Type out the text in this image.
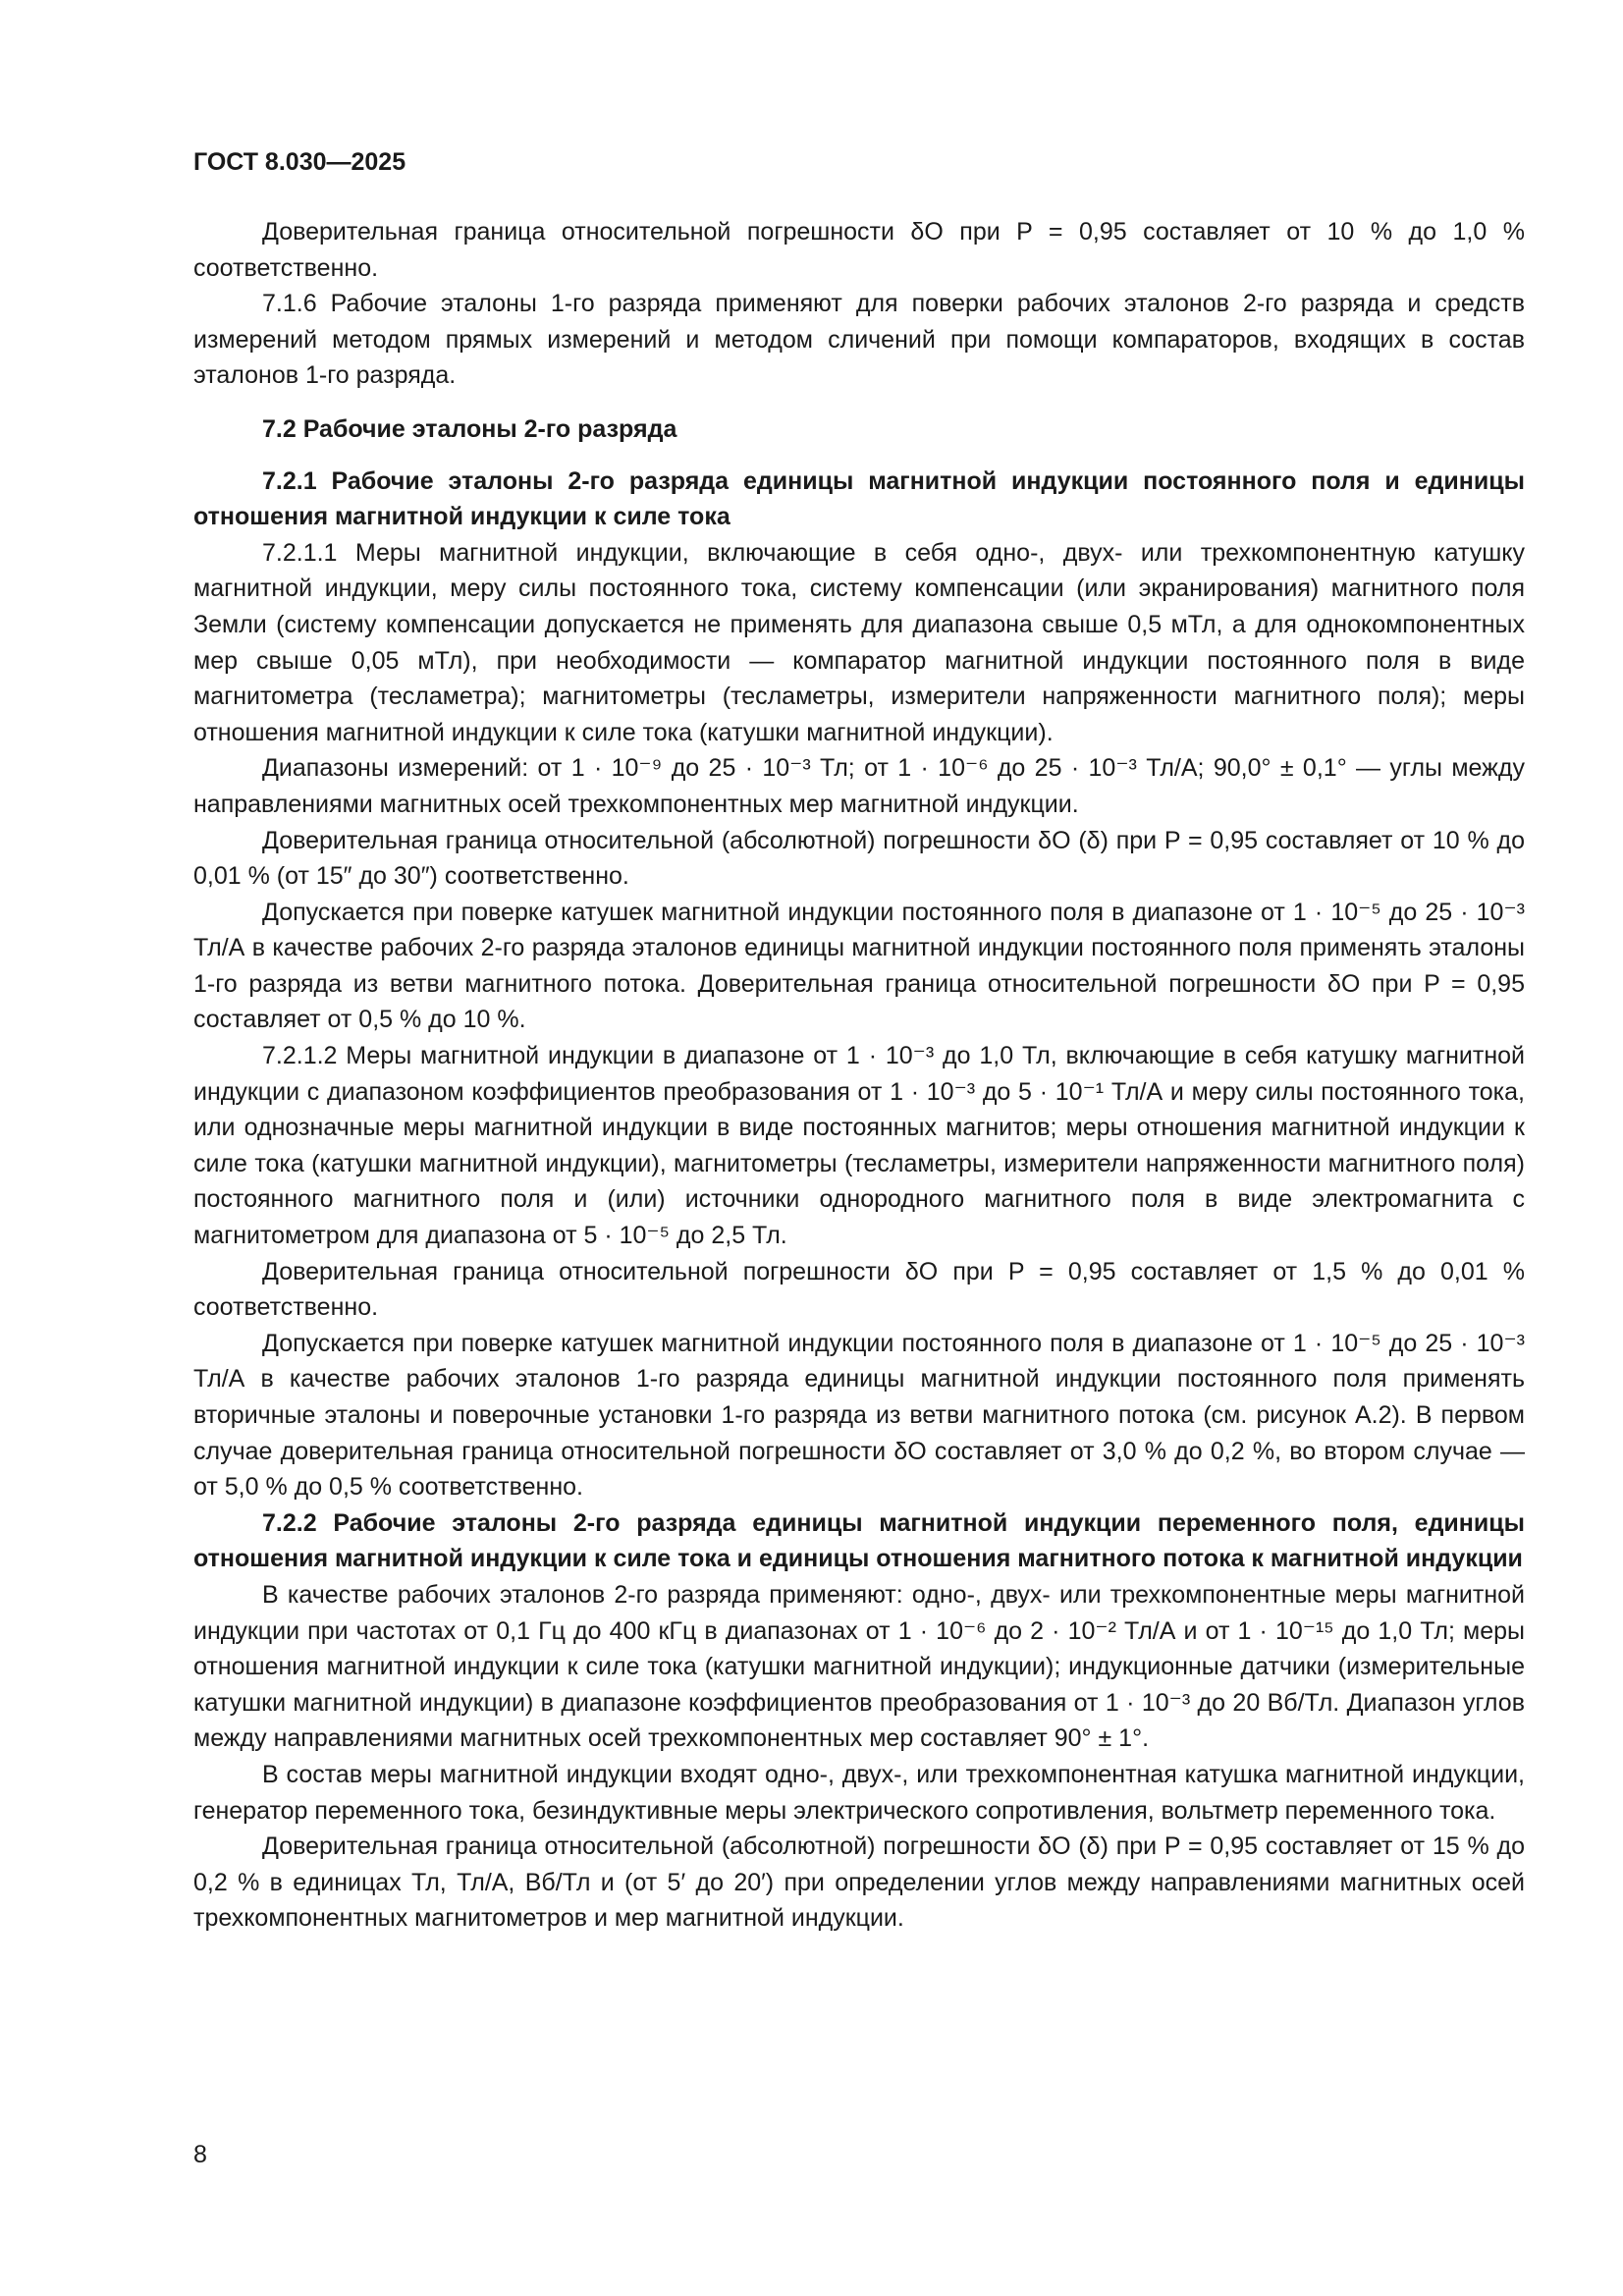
ГОСТ 8.030—2025

Доверительная граница относительной погрешности δO при P = 0,95 составляет от 10 % до 1,0 % соответственно.

7.1.6 Рабочие эталоны 1-го разряда применяют для поверки рабочих эталонов 2-го разряда и средств измерений методом прямых измерений и методом сличений при помощи компараторов, входящих в состав эталонов 1-го разряда.

7.2 Рабочие эталоны 2-го разряда

7.2.1 Рабочие эталоны 2-го разряда единицы магнитной индукции постоянного поля и единицы отношения магнитной индукции к силе тока

7.2.1.1 Меры магнитной индукции, включающие в себя одно-, двух- или трехкомпонентную катушку магнитной индукции, меру силы постоянного тока, систему компенсации (или экранирования) магнитного поля Земли (систему компенсации допускается не применять для диапазона свыше 0,5 мТл, а для однокомпонентных мер свыше 0,05 мТл), при необходимости — компаратор магнитной индукции постоянного поля в виде магнитометра (тесламетра); магнитометры (тесламетры, измерители напряженности магнитного поля); меры отношения магнитной индукции к силе тока (катушки магнитной индукции).

Диапазоны измерений: от 1 · 10⁻⁹ до 25 · 10⁻³ Тл; от 1 · 10⁻⁶ до 25 · 10⁻³ Тл/А; 90,0° ± 0,1° — углы между направлениями магнитных осей трехкомпонентных мер магнитной индукции.

Доверительная граница относительной (абсолютной) погрешности δO (δ) при P = 0,95 составляет от 10 % до 0,01 % (от 15″ до 30″) соответственно.

Допускается при поверке катушек магнитной индукции постоянного поля в диапазоне от 1 · 10⁻⁵ до 25 · 10⁻³ Тл/А в качестве рабочих 2-го разряда эталонов единицы магнитной индукции постоянного поля применять эталоны 1-го разряда из ветви магнитного потока. Доверительная граница относительной погрешности δO при P = 0,95 составляет от 0,5 % до 10 %.

7.2.1.2 Меры магнитной индукции в диапазоне от 1 · 10⁻³ до 1,0 Тл, включающие в себя катушку магнитной индукции с диапазоном коэффициентов преобразования от 1 · 10⁻³ до 5 · 10⁻¹ Тл/А и меру силы постоянного тока, или однозначные меры магнитной индукции в виде постоянных магнитов; меры отношения магнитной индукции к силе тока (катушки магнитной индукции), магнитометры (тесламетры, измерители напряженности магнитного поля) постоянного магнитного поля и (или) источники однородного магнитного поля в виде электромагнита с магнитометром для диапазона от 5 · 10⁻⁵ до 2,5 Тл.

Доверительная граница относительной погрешности δO при P = 0,95 составляет от 1,5 % до 0,01 % соответственно.

Допускается при поверке катушек магнитной индукции постоянного поля в диапазоне от 1 · 10⁻⁵ до 25 · 10⁻³ Тл/А в качестве рабочих эталонов 1-го разряда единицы магнитной индукции постоянного поля применять вторичные эталоны и поверочные установки 1-го разряда из ветви магнитного потока (см. рисунок А.2). В первом случае доверительная граница относительной погрешности δO составляет от 3,0 % до 0,2 %, во втором случае — от 5,0 % до 0,5 % соответственно.

7.2.2 Рабочие эталоны 2-го разряда единицы магнитной индукции переменного поля, единицы отношения магнитной индукции к силе тока и единицы отношения магнитного потока к магнитной индукции

В качестве рабочих эталонов 2-го разряда применяют: одно-, двух- или трехкомпонентные меры магнитной индукции при частотах от 0,1 Гц до 400 кГц в диапазонах от 1 · 10⁻⁶ до 2 · 10⁻² Тл/А и от 1 · 10⁻¹⁵ до 1,0 Тл; меры отношения магнитной индукции к силе тока (катушки магнитной индукции); индукционные датчики (измерительные катушки магнитной индукции) в диапазоне коэффициентов преобразования от 1 · 10⁻³ до 20 Вб/Тл. Диапазон углов между направлениями магнитных осей трехкомпонентных мер составляет 90° ± 1°.

В состав меры магнитной индукции входят одно-, двух-, или трехкомпонентная катушка магнитной индукции, генератор переменного тока, безиндуктивные меры электрического сопротивления, вольтметр переменного тока.

Доверительная граница относительной (абсолютной) погрешности δO (δ) при P = 0,95 составляет от 15 % до 0,2 % в единицах Тл, Тл/А, Вб/Тл и (от 5′ до 20′) при определении углов между направлениями магнитных осей трехкомпонентных магнитометров и мер магнитной индукции.

8
